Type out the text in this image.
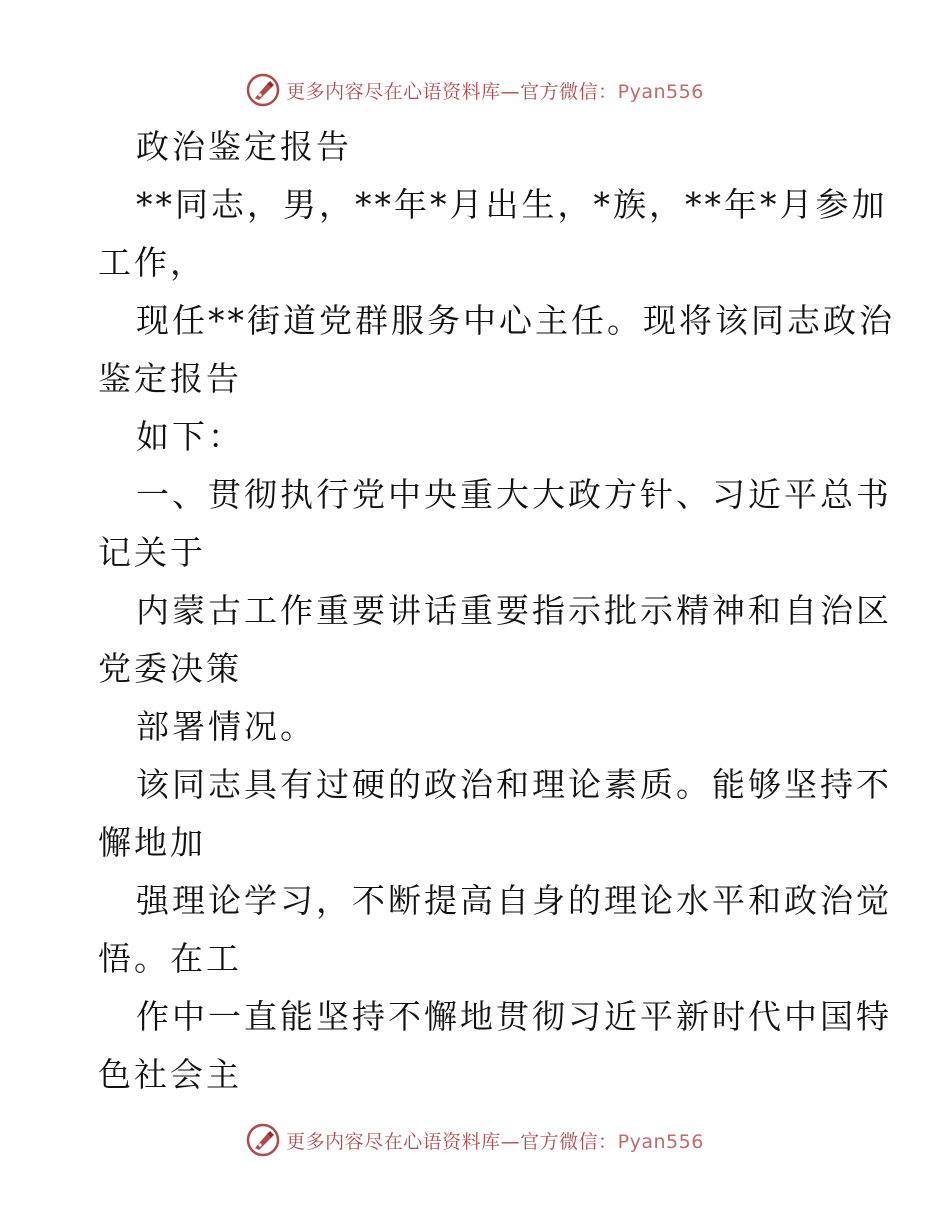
更多内容尽在心语资料库—官方微信：Pyan556
政治鉴定报告
**同志，男，**年*月出生，*族，**年*月参加
工作，
现任**街道党群服务中心主任。现将该同志政治
鉴定报告
如下：
一、贯彻执行党中央重大大政方针、习近平总书
记关于
内蒙古工作重要讲话重要指示批示精神和自治区
党委决策
部署情况。
该同志具有过硬的政治和理论素质。能够坚持不
懈地加
强理论学习，不断提高自身的理论水平和政治觉
悟。在工
作中一直能坚持不懈地贯彻习近平新时代中国特
色社会主
更多内容尽在心语资料库—官方微信：Pyan556
